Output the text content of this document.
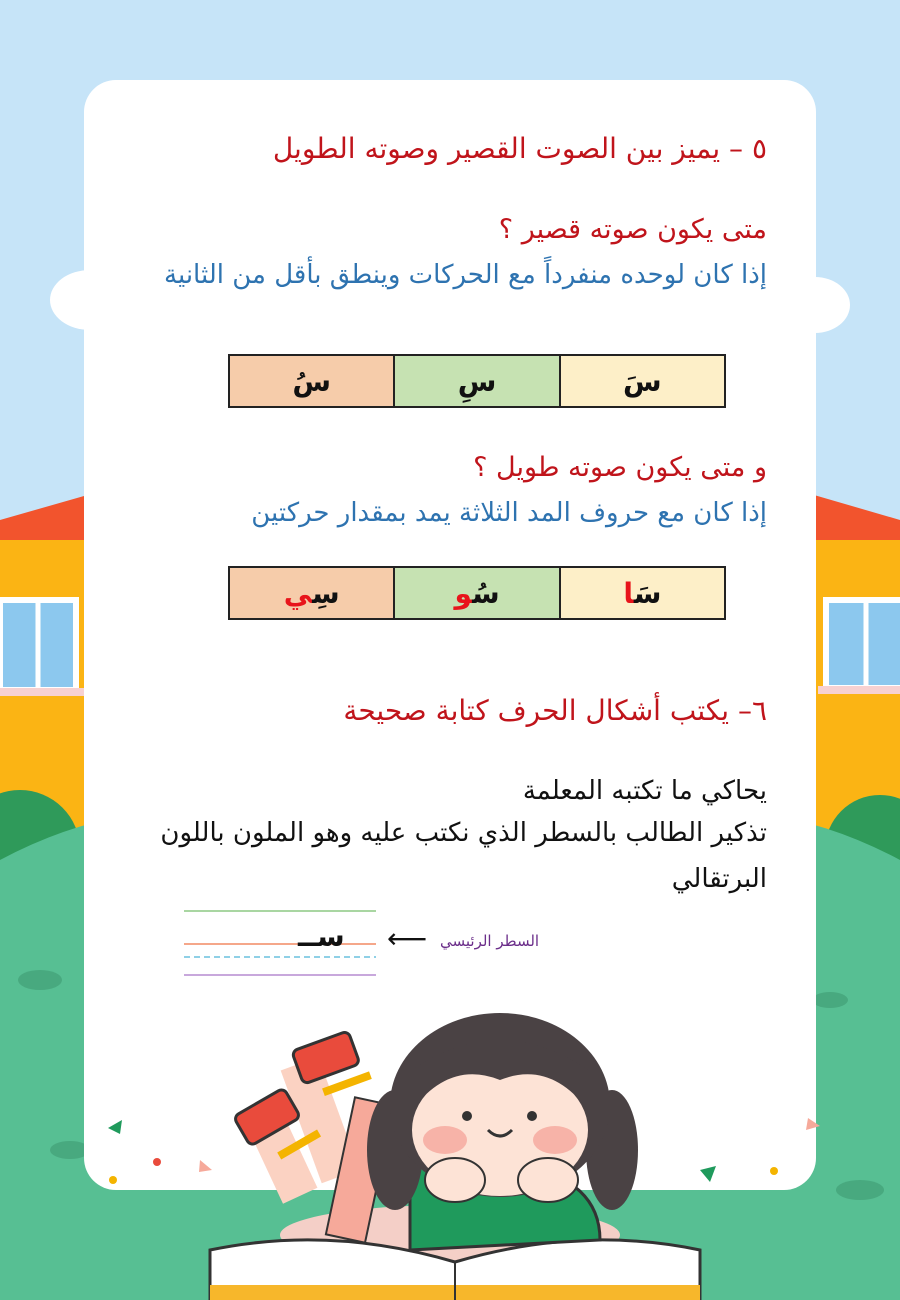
٥ – يميز بين الصوت القصير وصوته الطويل
متى يكون صوته قصير ؟
إذا كان لوحده منفرداً مع الحركات وينطق بأقل من الثانية
سَ	سِ	سُ
و متى يكون صوته طويل ؟
إذا كان مع حروف المد الثلاثة يمد بمقدار حركتين
سَا	سُو	سِي
٦– يكتب أشكال الحرف كتابة صحيحة
يحاكي ما تكتبه المعلمة
تذكير الطالب بالسطر الذي نكتب عليه وهو الملون باللون البرتقالي
ســ ⟵ السطر الرئيسي
